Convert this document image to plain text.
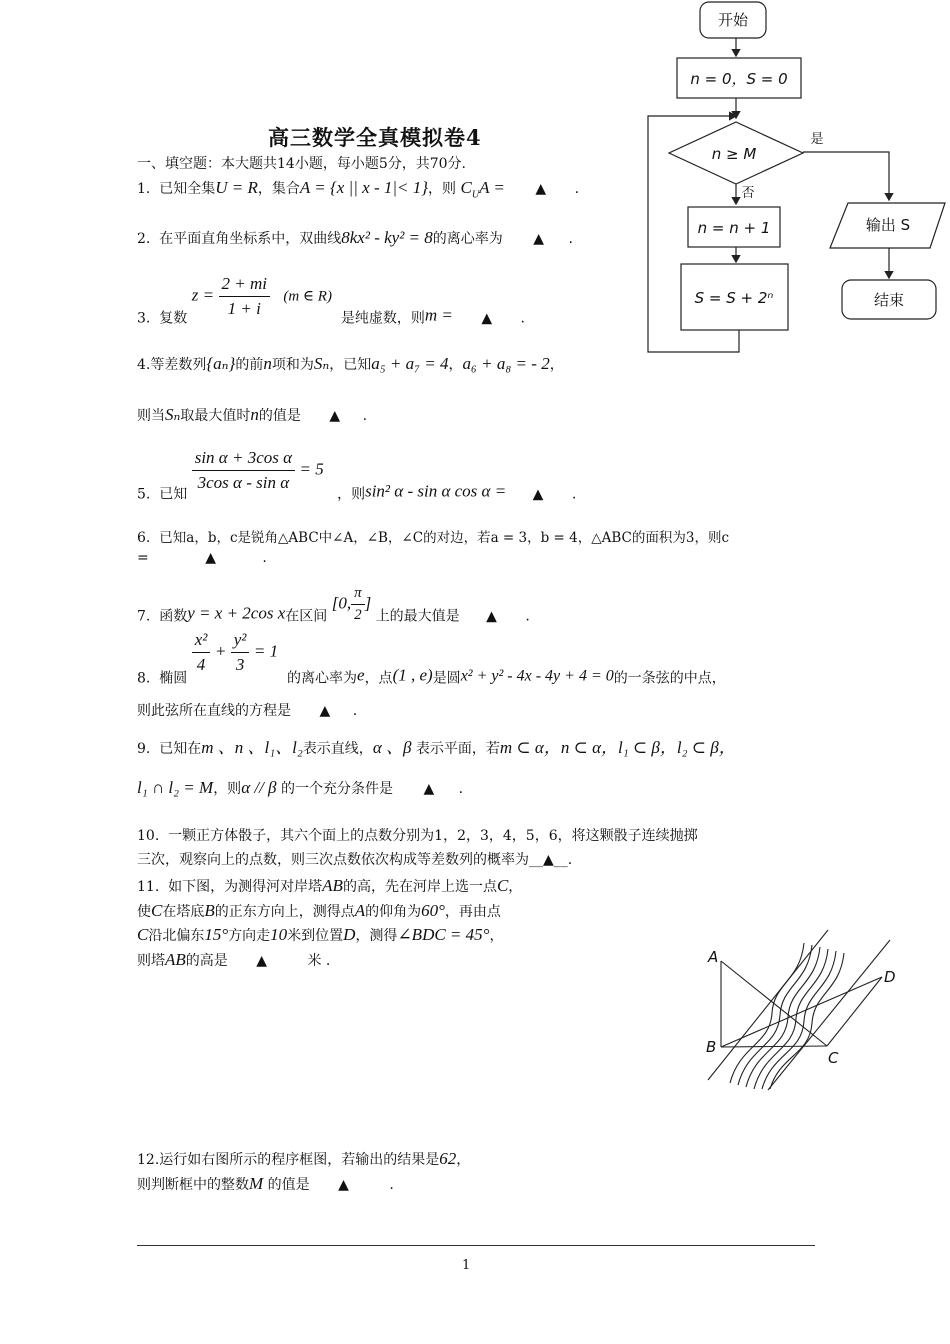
高三数学全真模拟卷4
一、填空题：本大题共14小题，每小题5分，共70分.
1. 已知全集U = R，集合A = {x || x - 1|< 1}，则 $C_UA$ = ▲ .
2. 在平面直角坐标系中，双曲线8kx² - ky² = 8的离心率为 ▲ .
3. 复数 $z = \frac{2 + mi}{1 + i} (m$ ∈ R)  是纯虚数，则m = ▲ .
4.等差数列{aₙ}的前n项和为Sₙ，已知a₅ + a₇ = 4，a₆ + a₈ = - 2，
则当Sₙ取最大值时n的值是 ▲ .
5. 已知
$\frac{\text{sin α + 3cos α}}{\text{3cos α - sin α}} = 5$   ，则sin² α - sin α cos α = ▲ .
6. 已知a，b，c是锐角△ABC中∠A，∠B，∠C的对边，若a = 3，b = 4，△ABC的面积为3，则c
=	▲	.
7. 函数y = x + 2cos x在区间 [0, $\frac{\pi}{2}$ ] 上的最大值是 ▲ .
8. 椭圆
$\frac{\text{x²}}{4} + \frac{\text{y²}}{3} = 1$  的离心率为e，点(1 , e)是圆x² + y² - 4x - 4y + 4 = 0的一条弦的中点，
则此弦所在直线的方程是 ▲ .
9. 已知在m 、n 、l₁、l₂表示直线，α 、β 表示平面，若m ⊂ α，n ⊂ α，l₁ ⊂ β，l₂ ⊂ β，
l₁ ∩ l₂ = M，则α // β 的一个充分条件是 ▲ .
10. 一颗正方体骰子，其六个面上的点数分别为1，2，3，4，5，6，将这颗骰子连续抛掷
三次，观察向上的点数，则三次点数依次构成等差数列的概率为__▲__.
11. 如下图，为测得河对岸塔AB的高，先在河岸上选一点C，
使C在塔底B的正东方向上，测得点A的仰角为60°，再由点
C沿北偏东15°方向走10米到位置D，测得∠BDC = 45°，
则塔AB的高是 ▲	米 .
12.运行如右图所示的程序框图，若输出的结果是62，
则判断框中的整数M 的值是 ▲	.
1
开始
n = 0，S = 0
n ≥ M
是
否
n = n + 1
S = S + 2ⁿ
输出 S
结束
A
B
C
D
